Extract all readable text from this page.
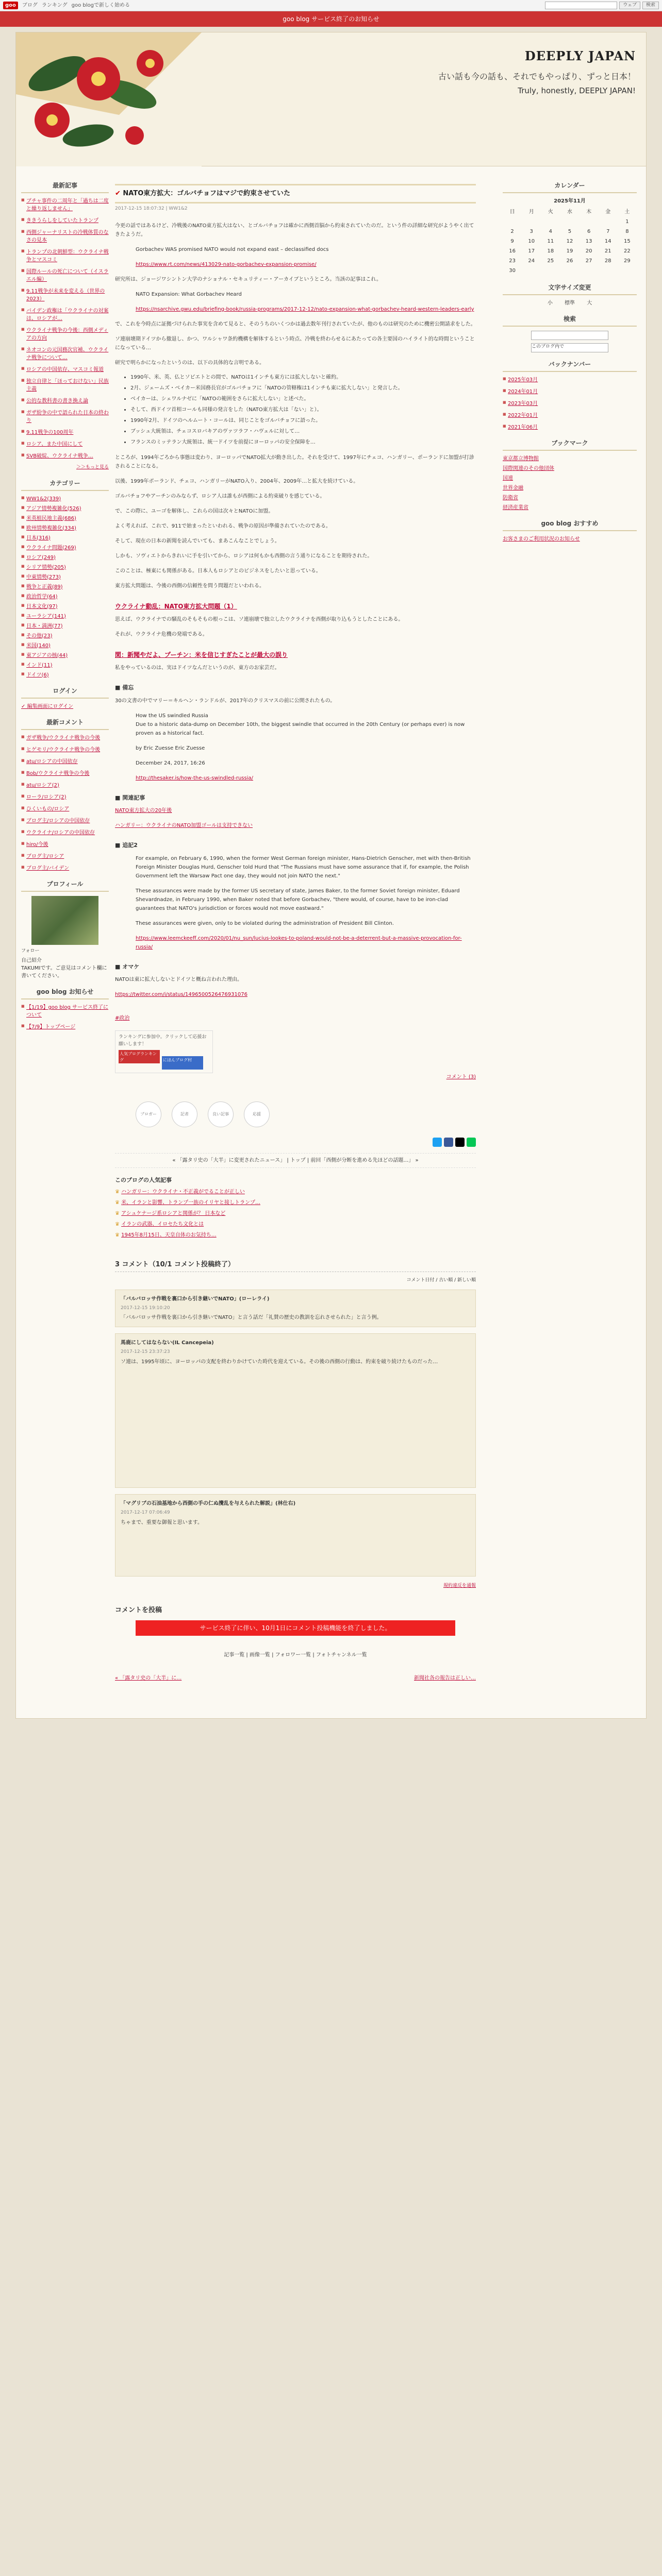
goo	ブログ ランキング goo blogで新しく始める	ウェブ	検索
goo blog サービス終了のお知らせ
DEEPLY JAPAN
古い話も今の話も、それでもやっぱり、ずっと日本！
Truly, honestly, DEEPLY JAPAN!
最新記事
■ ブチャ事件の二周年と「過ちは二度と繰り返しません」
■ ききうらしをしていたトランプ
■ 西側ジャーナリストの冷戦体質のなさの見本
■ トランプの北朝鮮型：ウクライナ戦争とマスコミ
■ 国際ルールの死亡について（イスラエル編）
■ 9.11戦争が未来を変える（世界の2023）
■ バイデン政権は「ウクライナの対案は、ロシアが…
■ ウクライナ戦争の今後：西側メディアの方向
■ ネオコンの元国務次官補、ウクライナ戦争について…
■ ロシアの中国依存、マスコミ報道
■ 独立自律と「ほっておけない」民族主義
■ 公的な教科書の書き換え論
■ ガザ紛争の中で語られた日本の終わり
■ 9.11戦争の100周年
■ ロシア、また中国にして
■ SVB破綻、ウクライナ戦争…
＞＞もっと見る
カテゴリー
■ WW1&2(339)
■ アジア情勢複雑化(526)
■ 米英植民地主義(686)
■ 欧州情勢複雑化(334)
■ 日本(316)
■ ウクライナ問題(269)
■ ロシア(249)
■ シリア情勢(205)
■ 中東情勢(273)
■ 戦争と正義(89)
■ 政治哲学(64)
■ 日本文化(97)
■ ユーラシア(141)
■ 日本・満洲(77)
■ その他(23)
■ 米国(140)
■ 東アジアの核(44)
■ インド(11)
■ ドイツ(6)
ログイン
✓ 編集画面にログイン
最新コメント
■ ガザ戦争/ウクライナ戦争の今後
■ ヒゲモリ/ウクライナ戦争の今後
■ atu/ロシアの中国依存
■ Bob/ウクライナ戦争の今後
■ atu/ロシア(2)
■ ローラ/ロシア(2)
■ ひくいもの/ロシア
■ ブログ主/ロシアの中国依存
■ ウクライナ/ロシアの中国依存
■ hiro/今後
■ ブログ主/ロシア
■ ブログ主/バイデン
プロフィール
フォロー
自己紹介
TAKUMIです。ご意見はコメント欄に書いてください。
goo blog お知らせ
■ 【1/19】goo blog サービス終了について
■ 【7/9】トップページ
✔ NATO東方拡大：ゴルバチョフはマジで約束させていた
2017-12-15 18:07:32 | WW1&2

今更の話ではあるけど、冷戦後のNATO東方拡大はない、とゴルバチョフは確かに西側首脳から約束されていたのだ。という件の詳細な研究がようやく出てきたようだ。

Gorbachev WAS promised NATO would not expand east – declassified docs

https://www.rt.com/news/413029-nato-gorbachev-expansion-promise/

研究所は、ジョージワシントン大学のナショナル・セキュリティー・アーカイブというところ。当該の記事はこれ。

NATO Expansion: What Gorbachev Heard

https://nsarchive.gwu.edu/briefing-book/russia-programs/2017-12-12/nato-expansion-what-gorbachev-heard-western-leaders-early

で、これを今時点に証拠づけられた事実を含めて見ると、そのうちのいくつかは過去数年刊行されていたが、他のものは研究のために機密公開請求をした。

ソ連崩壊期ドイツから撤退し、かつ、ワルシャワ条約機構を解体するという時点、冷戦を終わらせるにあたっての各主要国のハイライト的な時間ということになっている…

研究で明らかになったというのは、以下の具体的な言明である。

• 1990年、米、英、仏とソビエトとの間で、NATOは1インチも東方には拡大しないと確約。
• 2月、ジェームズ・ベイカー米国務長官がゴルバチョフに「NATOの管轄権は1インチも東に拡大しない」と発言した。
• ベイカーは、シェワルナゼに「NATOの範囲をさらに拡大しない」と述べた。
• そして、西ドイツ首相コールも同様の発言をした（NATO東方拡大は「ない」と）。
• 1990年2月、ドイツのヘルムート・コールは、同じことをゴルバチョフに語った。
• ブッシュ大統領は、チェコスロバキアのヴァツラフ・ハヴェルに対して…
• フランスのミッテラン大統領は、統一ドイツを前提にヨーロッパの安全保障を…

ところが、1994年ごろから事態は変わり、ヨーロッパでNATO拡大が動き出した。それを受けて、1997年にチェコ、ハンガリー、ポーランドに加盟が打診されることになる。

以後、1999年ポーランド、チェコ、ハンガリーがNATO入り、2004年、2009年…と拡大を続けている。

ゴルバチョフやアーチンのみならず、ロシア人は誰もが西側による約束破りを感じている。

で、この際に、ユーゴを解体し、これらの国は次々とNATOに加盟。

よく考えれば、これで、911で始まったといわれる、戦争の原因が準備されていたのである。

そして、現在の日本の新聞を読んでいても、まあこんなことでしょう。

しかも、ソヴィエトからきれいに手を引いてから、ロシアは何もかも西側の言う通りになることを期待された。

このことは、極東にも関係がある。日本人もロシアとのビジネスをしたいと思っている。

東方拡大問題は、今後の西側の信頼性を問う問題だといわれる。

ウクライナ動乱：NATO東方拡大問題（1）

思えば、ウクライナでの騒乱のそもそもの根っこは、ソ連崩壊で独立したウクライナを西側が取り込もうとしたことにある。

それが、ウクライナ危機の発端である。

閑：新聞やだよ、プーチン：米を信じすぎたことが最大の誤り

私をやっているのは、実はドイツなんだというのが、東方のお家芸だ。

■ 備忘

30の文書の中でマリー＝キルヘン・ランドルが、2017年のクリスマスの前に公開されたもの。

How the US swindled Russia
Due to a historic data-dump on December 10th, the biggest swindle that occurred in the 20th Century (or perhaps ever) is now proven as a historical fact.

by Eric Zuesse Eric Zuesse

December 24, 2017, 16:26

http://thesaker.is/how-the-us-swindled-russia/

■ 関連記事

NATO東方拡大の20年後

ハンガリー：ウクライナのNATO加盟ゴールは支持できない

■ 追記2

For example, on February 6, 1990, when the former West German foreign minister, Hans-Dietrich Genscher, met with then-British Foreign Minister Douglas Hurd, Genscher told Hurd that "The Russians must have some assurance that if, for example, the Polish Government left the Warsaw Pact one day, they would not join NATO the next."

These assurances were made by the former US secretary of state, James Baker, to the former Soviet foreign minister, Eduard Shevardnadze, in February 1990, when Baker noted that before Gorbachev, "there would, of course, have to be iron-clad guarantees that NATO's jurisdiction or forces would not move eastward."

These assurances were given, only to be violated during the administration of President Bill Clinton.

https://www.leemckeeff.com/2020/01/nu_sun/lucius-lookes-to-poland-would-not-be-a-deterrent-but-a-massive-provocation-for-russia/

■ オマケ

NATOは東に拡大しないとドイツと概ね言われた理由。

https://twitter.com/i/status/1496500526476931076

#政治
ランキングに参加中。クリックして応援お願いします！
人気ブログランキング	にほんブログ村
コメント (3)
ブロガー	記者	良い記事	応援
« 「露タリ史の「大半」に変更されたニュース」 | トップ | 前回「西側が分断を進める先ほどの話題…」 »
このブログの人気記事
♛ ハンガリー：ウクライナ・不正義がでることが正しい
♛ 米、イランと影響、トランプ一族のイリヤと接しトランプ…
♛ アシュケナージ系ロシアと関係が？ 日本など
♛ イランの武器、イロセたち文化とは
♛ 1945年8月15日、天皇自体のお気持ち…
3 コメント（10/1 コメント投稿終了）
コメント日付 / 古い順 / 新しい順
「バルバロッサ作戦を裏口から引き継いでNATO」(ローレライ)
2017-12-15 19:10:20
「バルバロッサ作戦を裏口から引き継いでNATO」と言う話だ「礼賛の歴史の教訓を忘れさせられた」と言う例。
馬鹿にしてはならない(IL Cancepeia)
2017-12-15 23:37:23
ソ連は、1995年頃に、ヨーロッパの支配を終わりかけていた時代を迎えている。その後の西側の行動は、約束を破り続けたものだった…
「マグリブの石油基地から西側の手の仁ぬ攪乱を与えられた解説」(林仕右)
2017-12-17 07:06:49
ちゃまで、重要な御報と思います。
規約違反を通報
コメントを投稿
サービス終了に伴い、10月1日にコメント投稿機能を終了しました。
記事一覧 | 画像一覧 | フォロワー一覧 | フォトチャンネル一覧
« 「露タリ史の「大半」に…	新聞社各の報告は正しい…
カレンダー
2025年11月
日	月	火	水	木	金	土
						1
2	3	4	5	6	7	8
9	10	11	12	13	14	15
16	17	18	19	20	21	22
23	24	25	26	27	28	29
30						
文字サイズ変更
小 標準 大
検索
このブログ内で
バックナンバー
■ 2025年03月
■ 2024年01月
■ 2023年03月
■ 2022年01月
■ 2021年06月
ブックマーク
東京都立博物館
国際関連のその他団体
国連
世界金融
防衛省
経済産業省
goo blog おすすめ
お客さまのご利用状況のお知らせ
